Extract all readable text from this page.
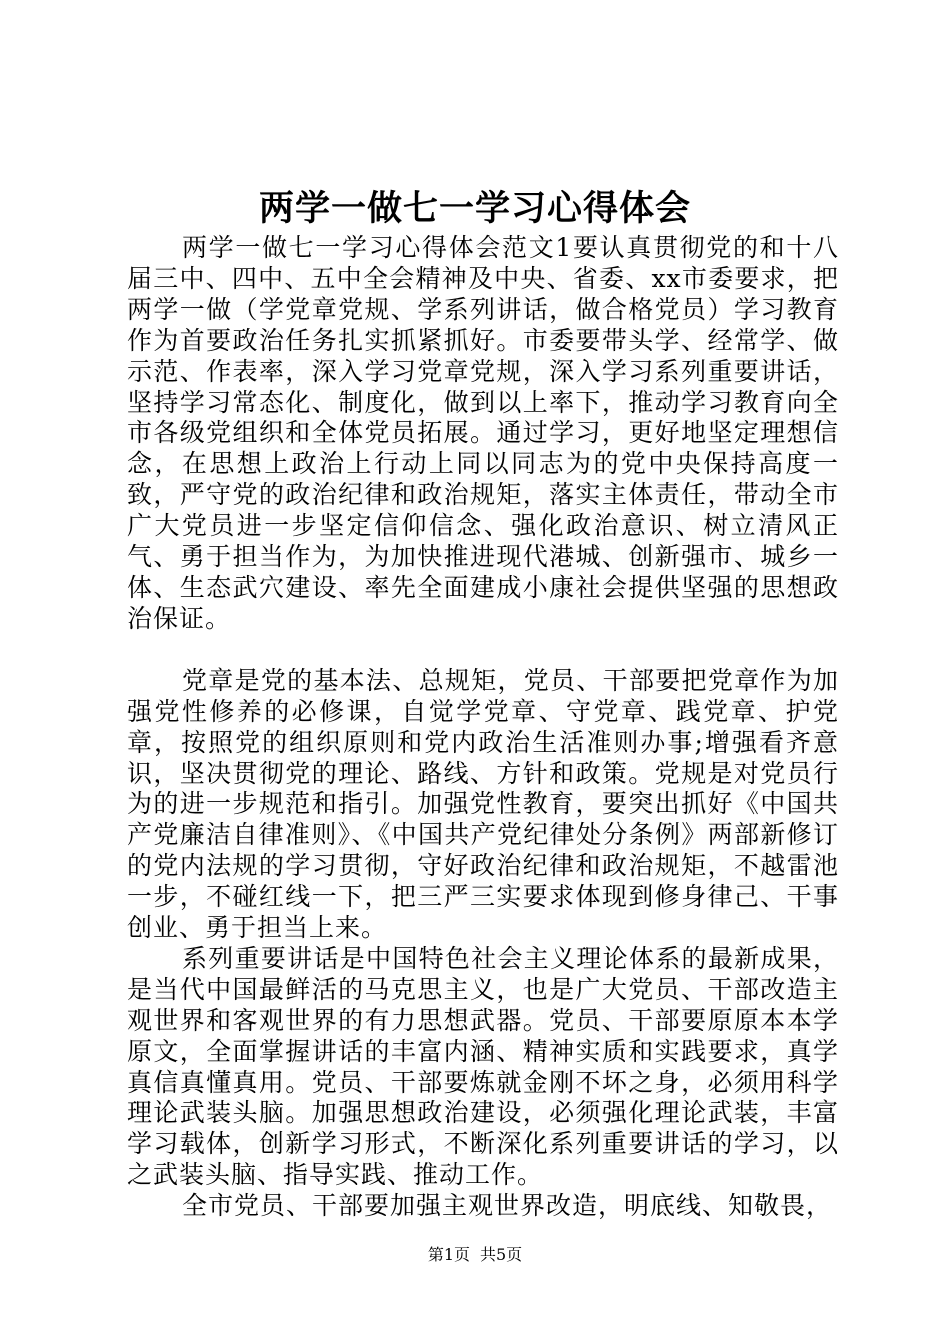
两学一做七一学习心得体会

两学一做七一学习心得体会范文1要认真贯彻党的和十八届三中、四中、五中全会精神及中央、省委、xx市委要求，把两学一做（学党章党规、学系列讲话，做合格党员）学习教育作为首要政治任务扎实抓紧抓好。市委要带头学、经常学、做示范、作表率，深入学习党章党规，深入学习系列重要讲话，坚持学习常态化、制度化，做到以上率下，推动学习教育向全市各级党组织和全体党员拓展。通过学习，更好地坚定理想信念，在思想上政治上行动上同以同志为的党中央保持高度一致，严守党的政治纪律和政治规矩，落实主体责任，带动全市广大党员进一步坚定信仰信念、强化政治意识、树立清风正气、勇于担当作为，为加快推进现代港城、创新强市、城乡一体、生态武穴建设、率先全面建成小康社会提供坚强的思想政治保证。

党章是党的基本法、总规矩，党员、干部要把党章作为加强党性修养的必修课，自觉学党章、守党章、践党章、护党章，按照党的组织原则和党内政治生活准则办事;增强看齐意识，坚决贯彻党的理论、路线、方针和政策。党规是对党员行为的进一步规范和指引。加强党性教育，要突出抓好《中国共产党廉洁自律准则》、《中国共产党纪律处分条例》两部新修订的党内法规的学习贯彻，守好政治纪律和政治规矩，不越雷池一步，不碰红线一下，把三严三实要求体现到修身律己、干事创业、勇于担当上来。

系列重要讲话是中国特色社会主义理论体系的最新成果，是当代中国最鲜活的马克思主义，也是广大党员、干部改造主观世界和客观世界的有力思想武器。党员、干部要原原本本学原文，全面掌握讲话的丰富内涵、精神实质和实践要求，真学真信真懂真用。党员、干部要炼就金刚不坏之身，必须用科学理论武装头脑。加强思想政治建设，必须强化理论武装，丰富学习载体，创新学习形式，不断深化系列重要讲话的学习，以之武装头脑、指导实践、推动工作。

全市党员、干部要加强主观世界改造，明底线、知敬畏，

第1页 共5页
